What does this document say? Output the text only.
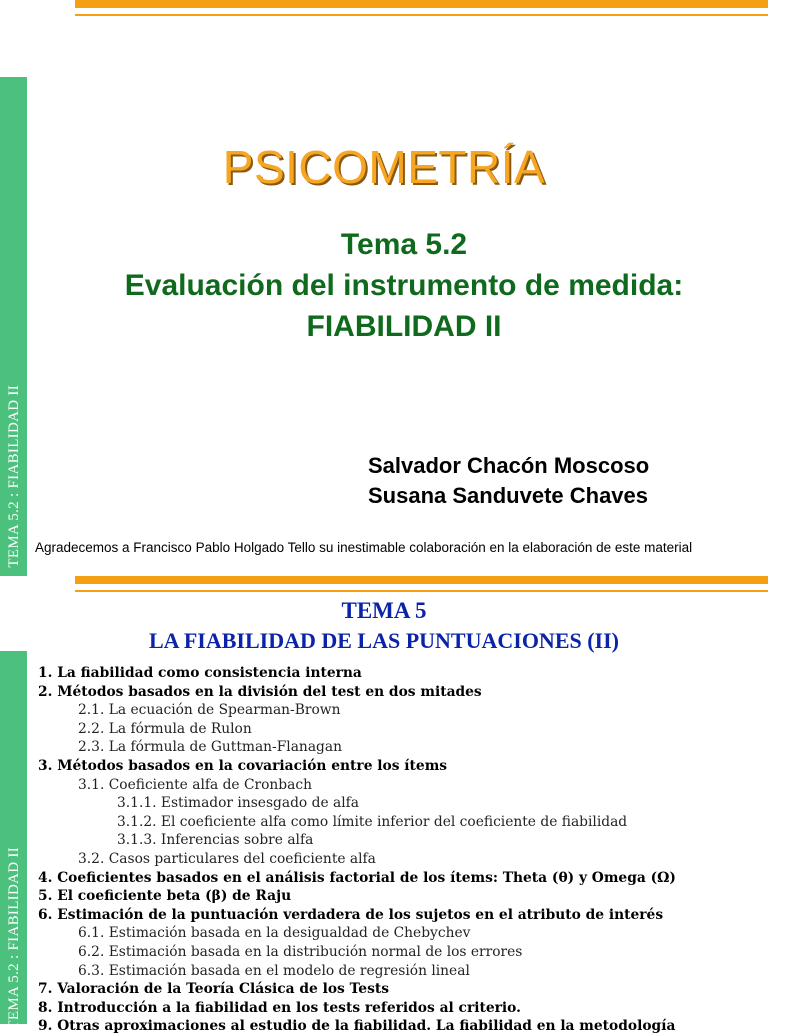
TEMA 5.2 : FIABILIDAD II
PSICOMETRÍA
Tema 5.2
Evaluación del instrumento de medida:
FIABILIDAD II
Salvador Chacón Moscoso
Susana Sanduvete Chaves
Agradecemos a Francisco Pablo Holgado Tello su inestimable colaboración en la elaboración de este material
TEMA 5.2 : FIABILIDAD II
TEMA 5
LA FIABILIDAD DE LAS PUNTUACIONES (II)
1. La fiabilidad como consistencia interna
2. Métodos basados en la división del test en dos mitades
2.1. La ecuación de Spearman-Brown
2.2. La fórmula de Rulon
2.3. La fórmula de Guttman-Flanagan
3. Métodos basados en la covariación entre los ítems
3.1. Coeficiente alfa de Cronbach
3.1.1. Estimador insesgado de alfa
3.1.2. El coeficiente alfa como límite inferior del coeficiente de fiabilidad
3.1.3. Inferencias sobre alfa
3.2. Casos particulares del coeficiente alfa
4. Coeficientes basados en el análisis factorial de los ítems: Theta (θ) y Omega (Ω)
5. El coeficiente beta (β) de Raju
6. Estimación de la puntuación verdadera de los sujetos en el atributo de interés
6.1. Estimación basada en la desigualdad de Chebychev
6.2. Estimación basada en la distribución normal de los errores
6.3. Estimación basada en el modelo de regresión lineal
7. Valoración de la Teoría Clásica de los Tests
8. Introducción a la fiabilidad en los tests referidos al criterio.
9. Otras aproximaciones al estudio de la fiabilidad. La fiabilidad en la metodología
